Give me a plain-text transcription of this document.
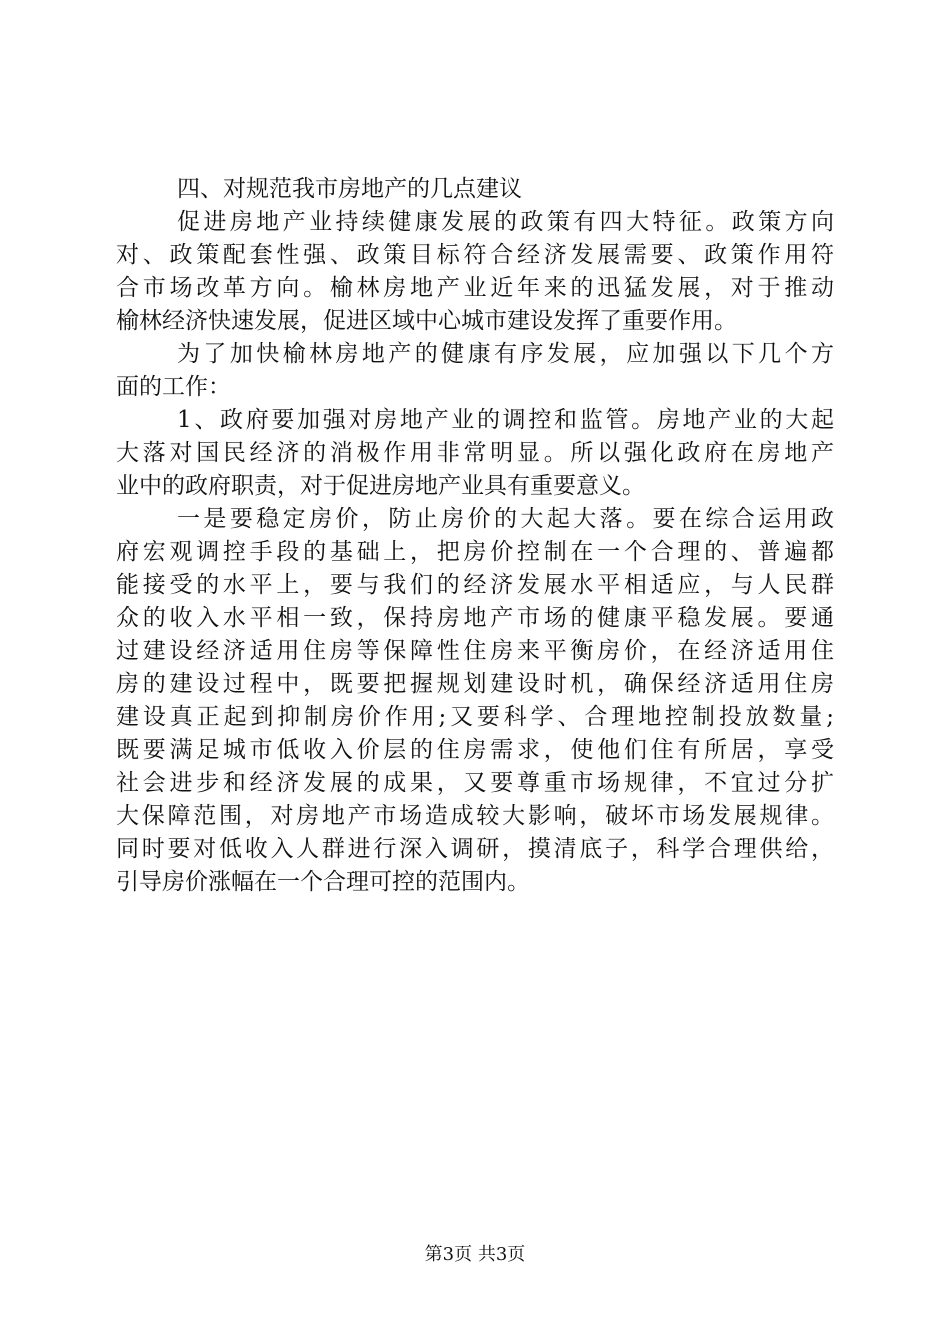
四、对规范我市房地产的几点建议
促进房地产业持续健康发展的政策有四大特征。政策方向
对、政策配套性强、政策目标符合经济发展需要、政策作用符
合市场改革方向。榆林房地产业近年来的迅猛发展，对于推动
榆林经济快速发展，促进区域中心城市建设发挥了重要作用。
为了加快榆林房地产的健康有序发展，应加强以下几个方
面的工作：
1、政府要加强对房地产业的调控和监管。房地产业的大起
大落对国民经济的消极作用非常明显。所以强化政府在房地产
业中的政府职责，对于促进房地产业具有重要意义。
一是要稳定房价，防止房价的大起大落。要在综合运用政
府宏观调控手段的基础上，把房价控制在一个合理的、普遍都
能接受的水平上，要与我们的经济发展水平相适应，与人民群
众的收入水平相一致，保持房地产市场的健康平稳发展。要通
过建设经济适用住房等保障性住房来平衡房价，在经济适用住
房的建设过程中，既要把握规划建设时机，确保经济适用住房
建设真正起到抑制房价作用;又要科学、合理地控制投放数量;
既要满足城市低收入价层的住房需求，使他们住有所居，享受
社会进步和经济发展的成果，又要尊重市场规律，不宜过分扩
大保障范围，对房地产市场造成较大影响，破坏市场发展规律。
同时要对低收入人群进行深入调研，摸清底子，科学合理供给，
引导房价涨幅在一个合理可控的范围内。
第3页 共3页
